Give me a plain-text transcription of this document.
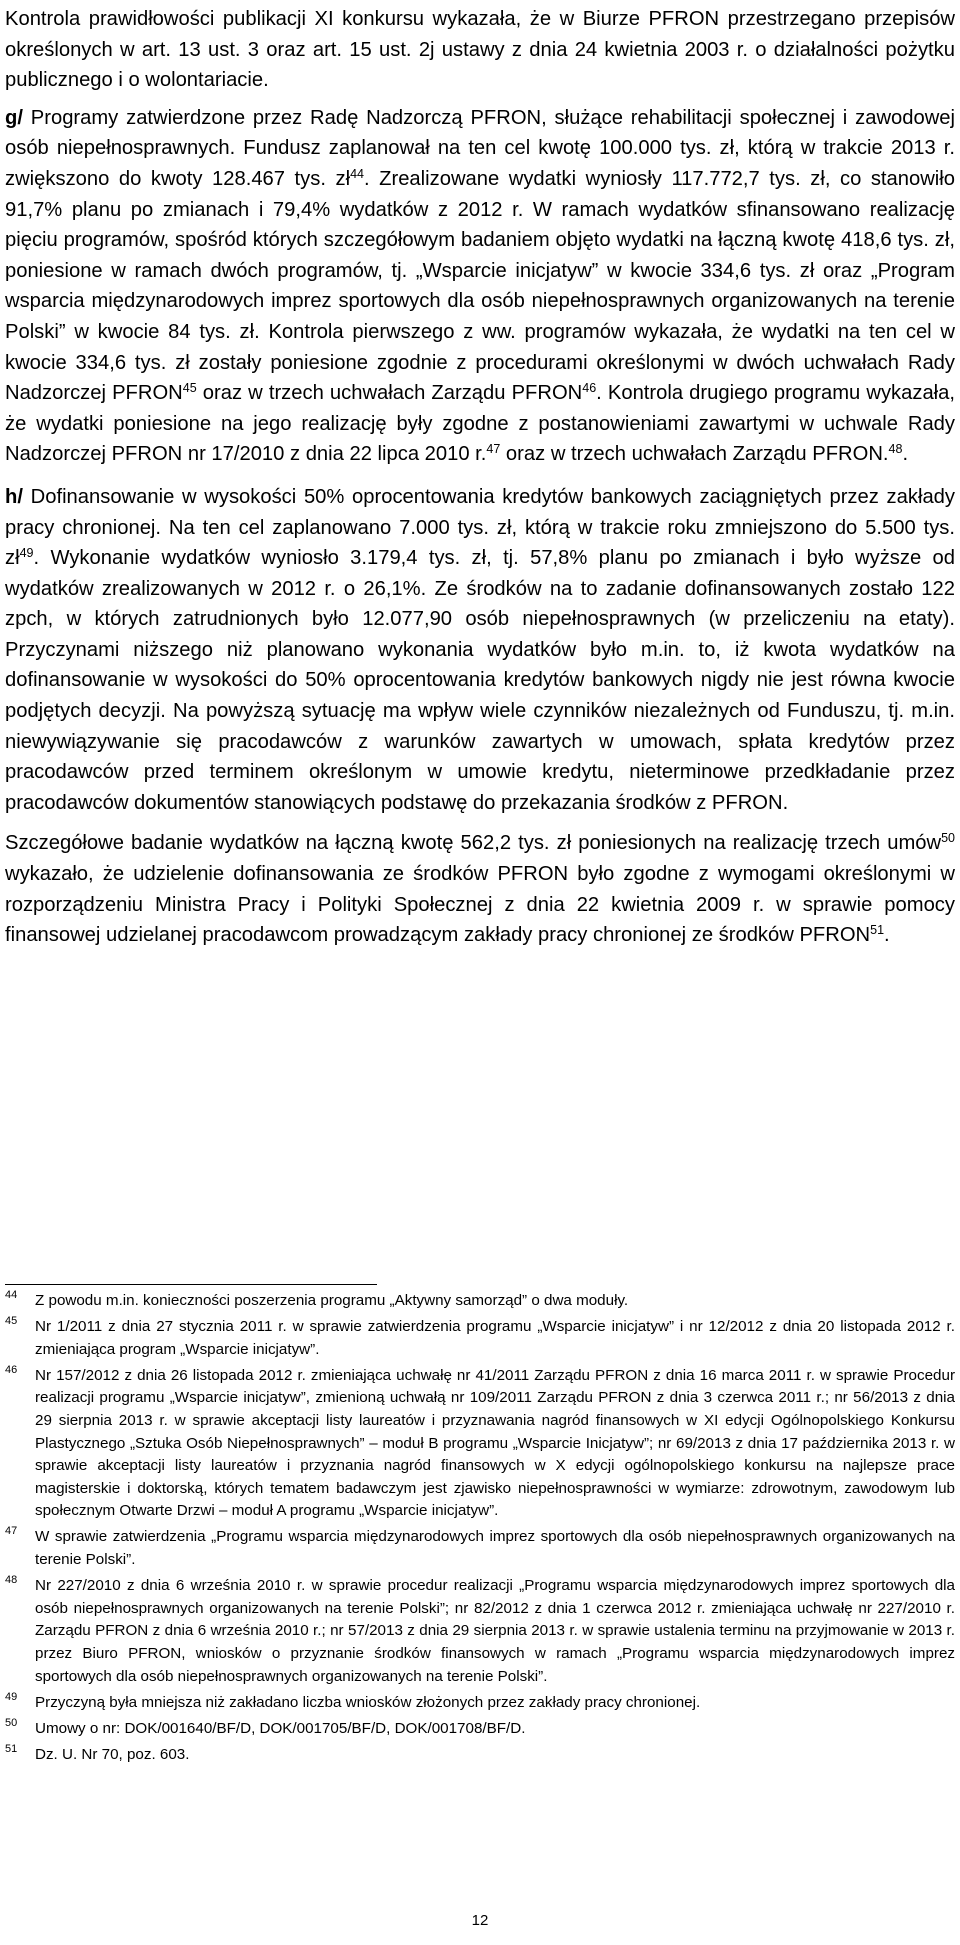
Kontrola prawidłowości publikacji XI konkursu wykazała, że w Biurze PFRON przestrzegano przepisów określonych w art. 13 ust. 3 oraz art. 15 ust. 2j ustawy z dnia 24 kwietnia 2003 r. o działalności pożytku publicznego i o wolontariacie.

g/ Programy zatwierdzone przez Radę Nadzorczą PFRON, służące rehabilitacji społecznej i zawodowej osób niepełnosprawnych. Fundusz zaplanował na ten cel kwotę 100.000 tys. zł, którą w trakcie 2013 r. zwiększono do kwoty 128.467 tys. $zł^{44}$. Zrealizowane wydatki wyniosły 117.772,7 tys. zł, co stanowiło 91,7% planu po zmianach i 79,4% wydatków z 2012 r. W ramach wydatków sfinansowano realizację pięciu programów, spośród których szczegółowym badaniem objęto wydatki na łączną kwotę 418,6 tys. zł, poniesione w ramach dwóch programów, tj. „Wsparcie inicjatyw” w kwocie 334,6 tys. zł oraz „Program wsparcia międzynarodowych imprez sportowych dla osób niepełnosprawnych organizowanych na terenie Polski” w kwocie 84 tys. zł. Kontrola pierwszego z ww. programów wykazała, że wydatki na ten cel w kwocie 334,6 tys. zł zostały poniesione zgodnie z procedurami określonymi w dwóch uchwałach Rady Nadzorczej PFRON$^{45}$ oraz w trzech uchwałach Zarządu PFRON$^{46}$. Kontrola drugiego programu wykazała, że wydatki poniesione na jego realizację były zgodne z postanowieniami zawartymi w uchwale Rady Nadzorczej PFRON nr 17/2010 z dnia 22 lipca 2010 r.$^{47}$ oraz w trzech uchwałach Zarządu PFRON.$^{48}$.

h/ Dofinansowanie w wysokości 50% oprocentowania kredytów bankowych zaciągniętych przez zakłady pracy chronionej. Na ten cel zaplanowano 7.000 tys. zł, którą w trakcie roku zmniejszono do 5.500 tys. $zł^{49}$. Wykonanie wydatków wyniosło 3.179,4 tys. zł, tj. 57,8% planu po zmianach i było wyższe od wydatków zrealizowanych w 2012 r. o 26,1%. Ze środków na to zadanie dofinansowanych zostało 122 zpch, w których zatrudnionych było 12.077,90 osób niepełnosprawnych (w przeliczeniu na etaty). Przyczynami niższego niż planowano wykonania wydatków było m.in. to, iż kwota wydatków na dofinansowanie w wysokości do 50% oprocentowania kredytów bankowych nigdy nie jest równa kwocie podjętych decyzji. Na powyższą sytuację ma wpływ wiele czynników niezależnych od Funduszu, tj. m.in. niewywiązywanie się pracodawców z warunków zawartych w umowach, spłata kredytów przez pracodawców przed terminem określonym w umowie kredytu, nieterminowe przedkładanie przez pracodawców dokumentów stanowiących podstawę do przekazania środków z PFRON.

Szczegółowe badanie wydatków na łączną kwotę 562,2 tys. zł poniesionych na realizację trzech umów$^{50}$ wykazało, że udzielenie dofinansowania ze środków PFRON było zgodne z wymogami określonymi w rozporządzeniu Ministra Pracy i Polityki Społecznej z dnia 22 kwietnia 2009 r. w sprawie pomocy finansowej udzielanej pracodawcom prowadzącym zakłady pracy chronionej ze środków PFRON$^{51}$.

44 Z powodu m.in. konieczności poszerzenia programu „Aktywny samorząd” o dwa moduły.

45 Nr 1/2011 z dnia 27 stycznia 2011 r. w sprawie zatwierdzenia programu „Wsparcie inicjatyw” i nr 12/2012 z dnia 20 listopada 2012 r. zmieniająca program „Wsparcie inicjatyw”.

46 Nr 157/2012 z dnia 26 listopada 2012 r. zmieniająca uchwałę nr 41/2011 Zarządu PFRON z dnia 16 marca 2011 r. w sprawie Procedur realizacji programu „Wsparcie inicjatyw”, zmienioną uchwałą nr 109/2011 Zarządu PFRON z dnia 3 czerwca 2011 r.; nr 56/2013 z dnia 29 sierpnia 2013 r. w sprawie akceptacji listy laureatów i przyznawania nagród finansowych w XI edycji Ogólnopolskiego Konkursu Plastycznego „Sztuka Osób Niepełnosprawnych” – moduł B programu „Wsparcie Inicjatyw”; nr 69/2013 z dnia 17 października 2013 r. w sprawie akceptacji listy laureatów i przyznania nagród finansowych w X edycji ogólnopolskiego konkursu na najlepsze prace magisterskie i doktorską, których tematem badawczym jest zjawisko niepełnosprawności w wymiarze: zdrowotnym, zawodowym lub społecznym Otwarte Drzwi – moduł A programu „Wsparcie inicjatyw”.

47 W sprawie zatwierdzenia „Programu wsparcia międzynarodowych imprez sportowych dla osób niepełnosprawnych organizowanych na terenie Polski”.

48 Nr 227/2010 z dnia 6 września 2010 r. w sprawie procedur realizacji „Programu wsparcia międzynarodowych imprez sportowych dla osób niepełnosprawnych organizowanych na terenie Polski”; nr 82/2012 z dnia 1 czerwca 2012 r. zmieniająca uchwałę nr 227/2010 r. Zarządu PFRON z dnia 6 września 2010 r.; nr 57/2013 z dnia 29 sierpnia 2013 r. w sprawie ustalenia terminu na przyjmowanie w 2013 r. przez Biuro PFRON, wniosków o przyznanie środków finansowych w ramach „Programu wsparcia międzynarodowych imprez sportowych dla osób niepełnosprawnych organizowanych na terenie Polski”.

49 Przyczyną była mniejsza niż zakładano liczba wniosków złożonych przez zakłady pracy chronionej.

50 Umowy o nr: DOK/001640/BF/D, DOK/001705/BF/D, DOK/001708/BF/D.

51 Dz. U. Nr 70, poz. 603.

12
